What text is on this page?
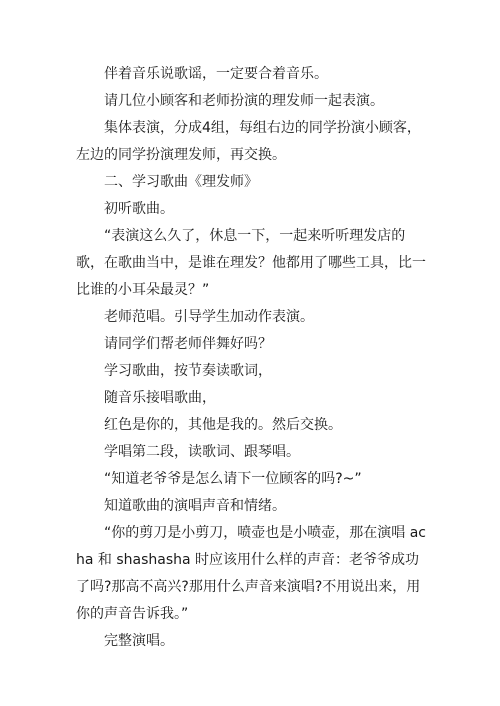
伴着音乐说歌谣，一定要合着音乐。
请几位小顾客和老师扮演的理发师一起表演。
集体表演，分成4组，每组右边的同学扮演小顾客，左边的同学扮演理发师，再交换。
二、学习歌曲《理发师》
初听歌曲。
“表演这么久了，休息一下，一起来听听理发店的歌，在歌曲当中，是谁在理发？他都用了哪些工具，比一比谁的小耳朵最灵？”
老师范唱。引导学生加动作表演。
请同学们帮老师伴舞好吗？
学习歌曲，按节奏读歌词，
随音乐接唱歌曲，
红色是你的，其他是我的。然后交换。
学唱第二段，读歌词、跟琴唱。
“知道老爷爷是怎么请下一位顾客的吗?~”
知道歌曲的演唱声音和情绪。
“你的剪刀是小剪刀，喷壶也是小喷壶，那在演唱 acha 和 shashasha 时应该用什么样的声音：老爷爷成功了吗?那高不高兴?那用什么声音来演唱?不用说出来，用你的声音告诉我。”
完整演唱。
